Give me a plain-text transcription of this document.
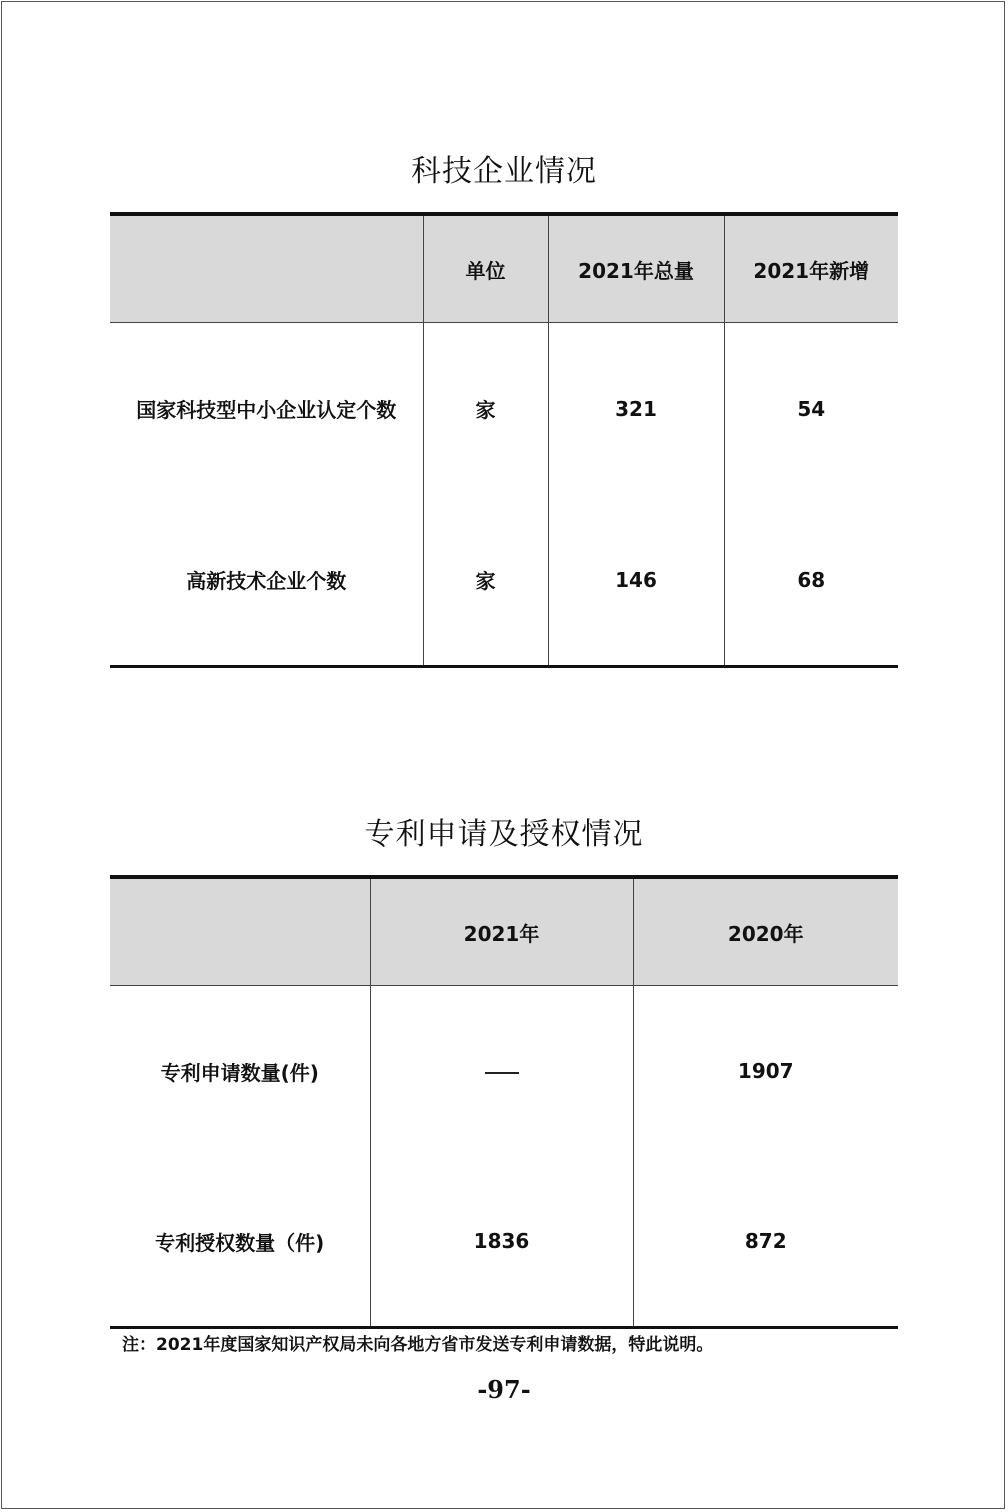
科技企业情况
	单位	2021年总量	2021年新增
国家科技型中小企业认定个数	家	321	54
高新技术企业个数	家	146	68
专利申请及授权情况
	2021年	2020年
专利申请数量(件)		1907
专利授权数量（件)	1836	872
注：2021年度国家知识产权局未向各地方省市发送专利申请数据，特此说明。
-97-
